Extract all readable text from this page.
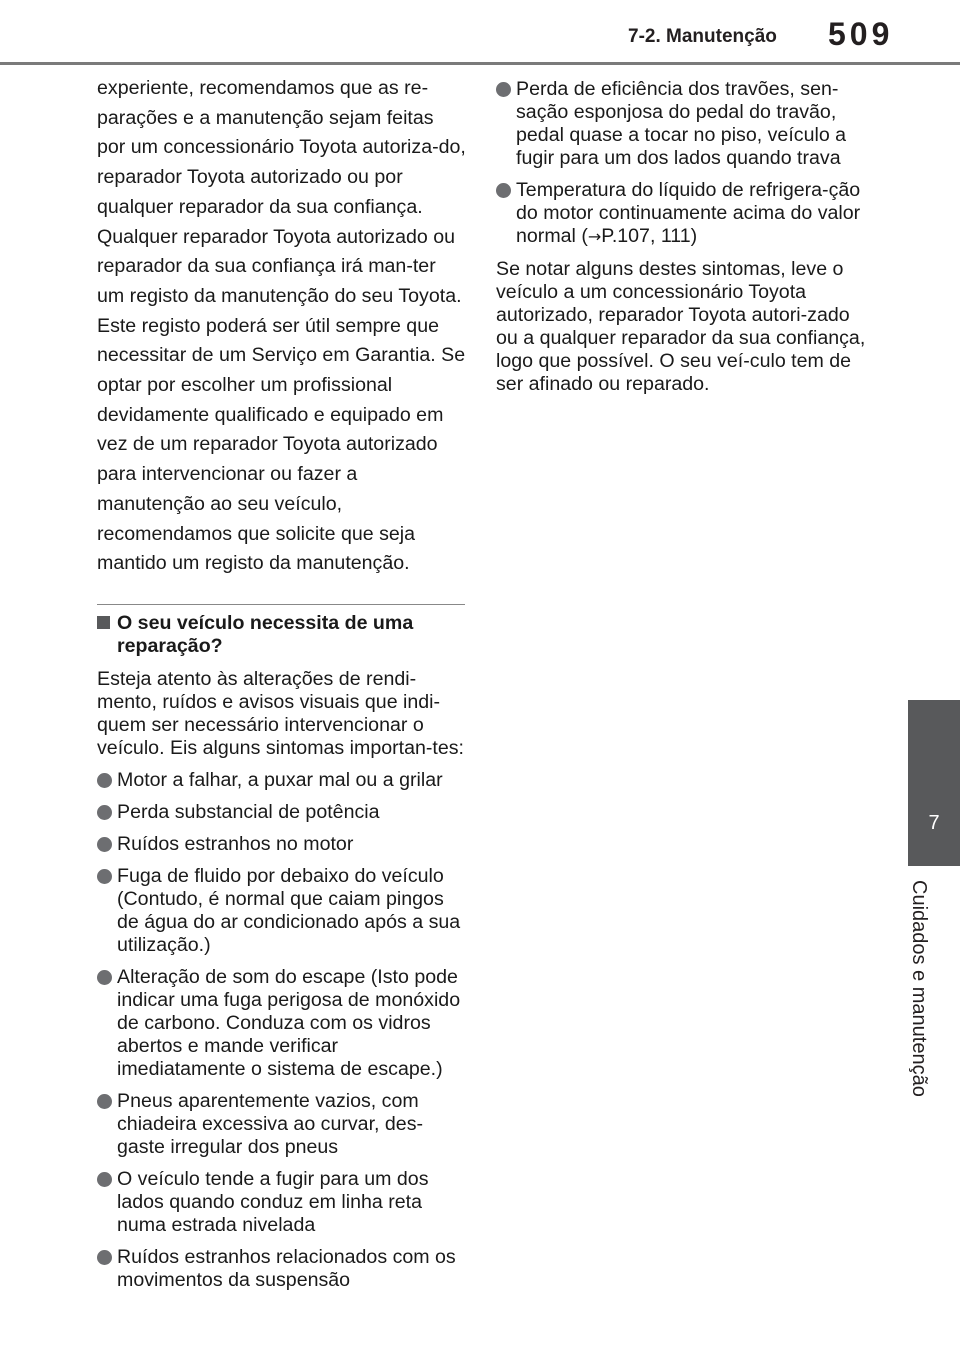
7-2. Manutenção 509
7
Cuidados e manutenção

experiente, recomendamos que as re-parações e a manutenção sejam feitas por um concessionário Toyota autoriza-do, reparador Toyota autorizado ou por qualquer reparador da sua confiança. Qualquer reparador Toyota autorizado ou reparador da sua confiança irá man-ter um registo da manutenção do seu Toyota. Este registo poderá ser útil sempre que necessitar de um Serviço em Garantia. Se optar por escolher um profissional devidamente qualificado e equipado em vez de um reparador Toyota autorizado para intervencionar ou fazer a manutenção ao seu veículo, recomendamos que solicite que seja mantido um registo da manutenção.

O seu veículo necessita de uma reparação?

Esteja atento às alterações de rendi-mento, ruídos e avisos visuais que indi-quem ser necessário intervencionar o veículo. Eis alguns sintomas importan-tes:

Motor a falhar, a puxar mal ou a grilar
Perda substancial de potência
Ruídos estranhos no motor
Fuga de fluido por debaixo do veículo (Contudo, é normal que caiam pingos de água do ar condicionado após a sua utilização.)
Alteração de som do escape (Isto pode indicar uma fuga perigosa de monóxido de carbono. Conduza com os vidros abertos e mande verificar imediatamente o sistema de escape.)
Pneus aparentemente vazios, com chiadeira excessiva ao curvar, des-gaste irregular dos pneus
O veículo tende a fugir para um dos lados quando conduz em linha reta numa estrada nivelada
Ruídos estranhos relacionados com os movimentos da suspensão
Perda de eficiência dos travões, sen-sação esponjosa do pedal do travão, pedal quase a tocar no piso, veículo a fugir para um dos lados quando trava
Temperatura do líquido de refrigera-ção do motor continuamente acima do valor normal (→P.107, 111)

Se notar alguns destes sintomas, leve o veículo a um concessionário Toyota autorizado, reparador Toyota autori-zado ou a qualquer reparador da sua confiança, logo que possível. O seu veí-culo tem de ser afinado ou reparado.
